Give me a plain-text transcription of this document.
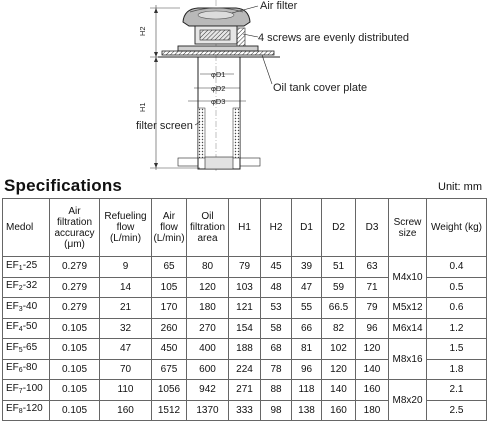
H2
H1
φD1
φD2
φD3
Air filter
4 screws are evenly distributed
Oil tank cover plate
filter screen
Specifications	Unit: mm
Medol	Air filtration accuracy (μm)	Refueling flow (L/min)	Air flow (L/min)	Oil filtration area	H1	H2	D1	D2	D3	Screw size	Weight (kg)
$EF_1-25$	0.279	9	65	80	79	45	39	51	63	M4x10	0.4
$EF_2-32$	0.279	14	105	120	103	48	47	59	71		0.5
$EF_3-40$	0.279	21	170	180	121	53	55	66.5	79	M5x12	0.6
$EF_4-50$	0.105	32	260	270	154	58	66	82	96	M6x14	1.2
$EF_5-65$	0.105	47	450	400	188	68	81	102	120	M8x16	1.5
$EF_6-80$	0.105	70	675	600	224	78	96	120	140		1.8
$EF_7-100$	0.105	110	1056	942	271	88	118	140	160	M8x20	2.1
$EF_8-120$	0.105	160	1512	1370	333	98	138	160	180		2.5
